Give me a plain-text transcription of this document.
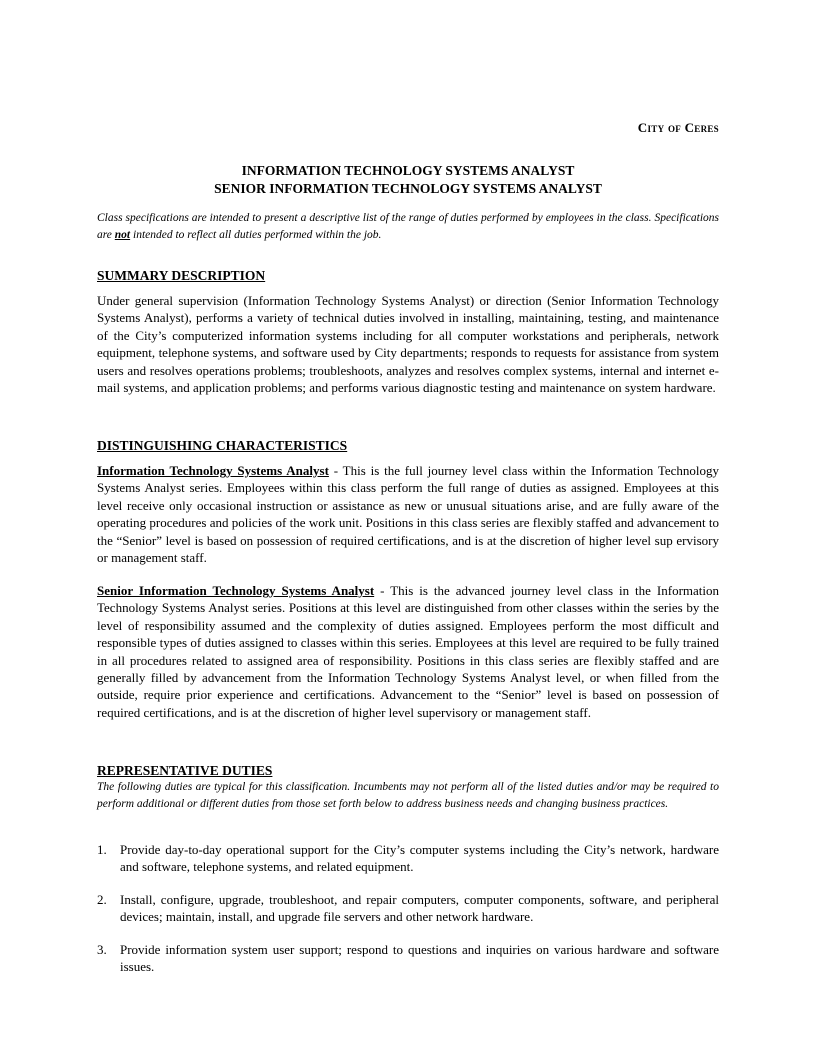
City of Ceres
INFORMATION TECHNOLOGY SYSTEMS ANALYST
SENIOR INFORMATION TECHNOLOGY SYSTEMS ANALYST
Class specifications are intended to present a descriptive list of the range of duties performed by employees in the class. Specifications are not intended to reflect all duties performed within the job.
SUMMARY DESCRIPTION
Under general supervision (Information Technology Systems Analyst) or direction (Senior Information Technology Systems Analyst), performs a variety of technical duties involved in installing, maintaining, testing, and maintenance of the City’s computerized information systems including for all computer workstations and peripherals, network equipment, telephone systems, and software used by City departments; responds to requests for assistance from system users and resolves operations problems; troubleshoots, analyzes and resolves complex systems, internal and internet e-mail systems, and application problems; and performs various diagnostic testing and maintenance on system hardware.
DISTINGUISHING CHARACTERISTICS
Information Technology Systems Analyst - This is the full journey level class within the Information Technology Systems Analyst series. Employees within this class perform the full range of duties as assigned. Employees at this level receive only occasional instruction or assistance as new or unusual situations arise, and are fully aware of the operating procedures and policies of the work unit. Positions in this class series are flexibly staffed and advancement to the “Senior” level is based on possession of required certifications, and is at the discretion of higher level sup ervisory or management staff.
Senior Information Technology Systems Analyst - This is the advanced journey level class in the Information Technology Systems Analyst series. Positions at this level are distinguished from other classes within the series by the level of responsibility assumed and the complexity of duties assigned. Employees perform the most difficult and responsible types of duties assigned to classes within this series. Employees at this level are required to be fully trained in all procedures related to assigned area of responsibility. Positions in this class series are flexibly staffed and are generally filled by advancement from the Information Technology Systems Analyst level, or when filled from the outside, require prior experience and certifications. Advancement to the “Senior” level is based on possession of required certifications, and is at the discretion of higher level supervisory or management staff.
REPRESENTATIVE DUTIES
The following duties are typical for this classification. Incumbents may not perform all of the listed duties and/or may be required to perform additional or different duties from those set forth below to address business needs and changing business practices.
1. Provide day-to-day operational support for the City’s computer systems including the City’s network, hardware and software, telephone systems, and related equipment.
2. Install, configure, upgrade, troubleshoot, and repair computers, computer components, software, and peripheral devices; maintain, install, and upgrade file servers and other network hardware.
3. Provide information system user support; respond to questions and inquiries on various hardware and software issues.
